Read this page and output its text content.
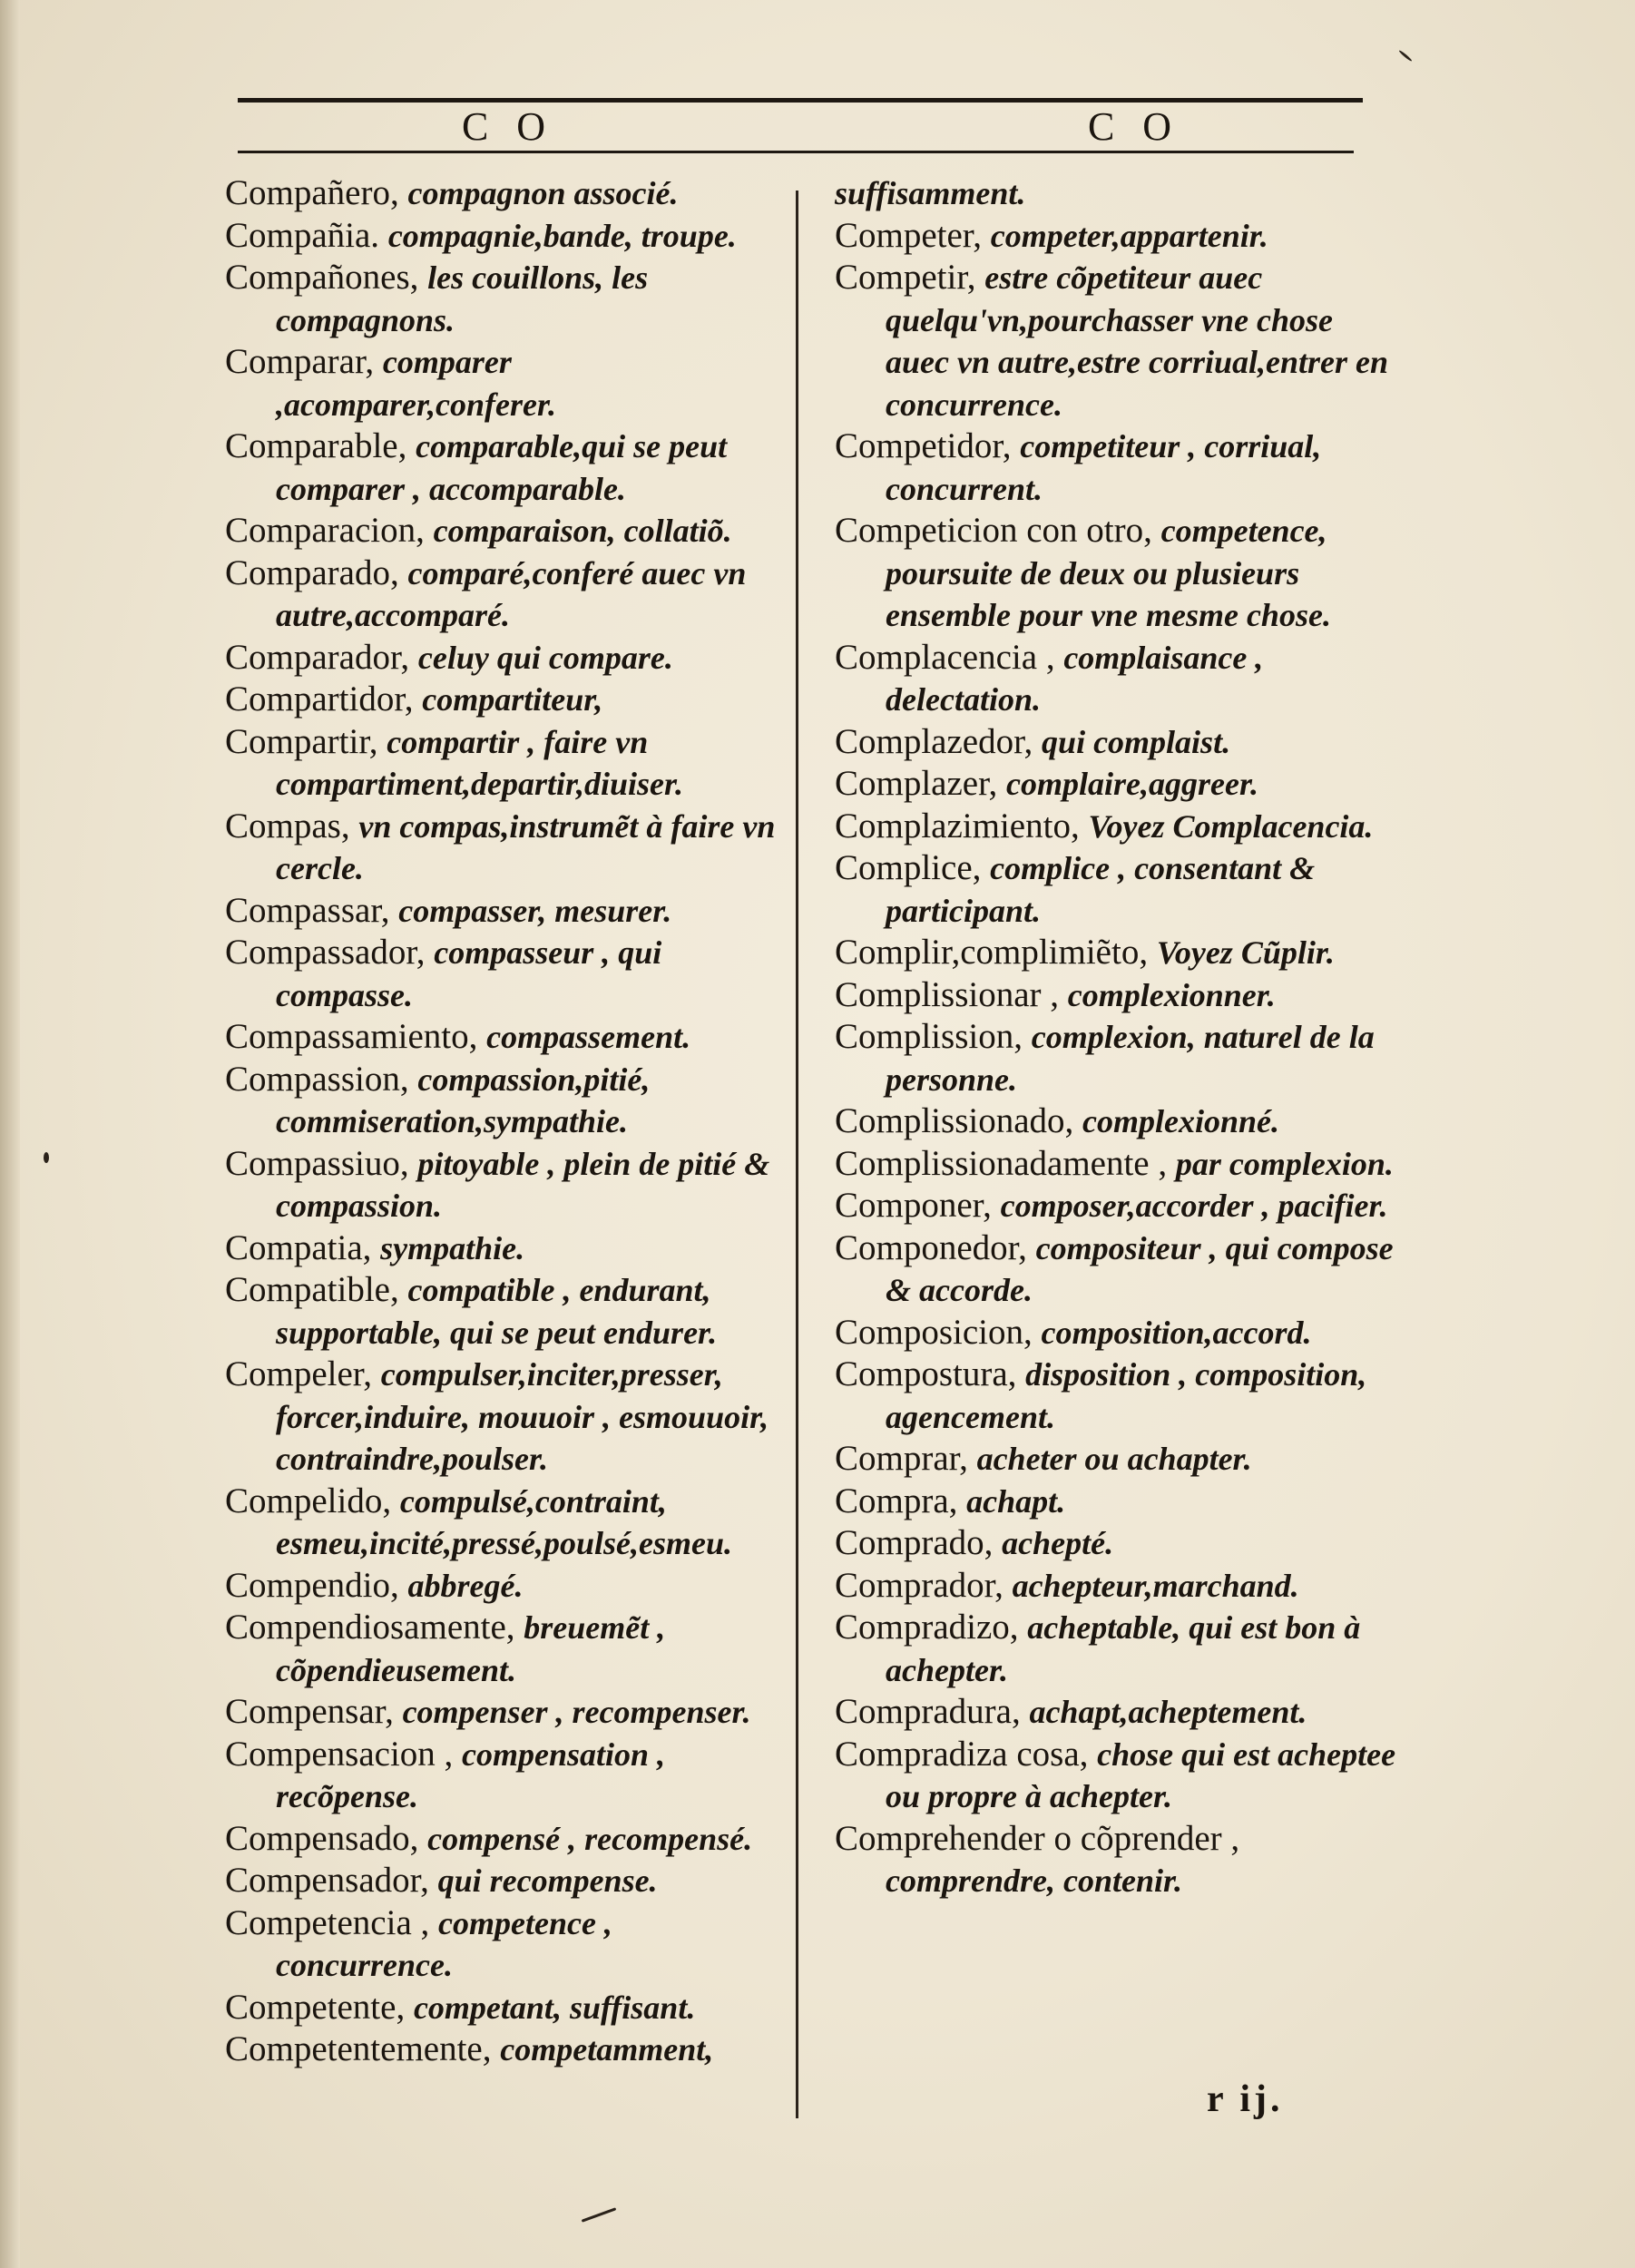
C O	C O

Compañero, compagnon associé.

Compañia. compagnie,bande, troupe.

Compañones, les couillons, les compagnons.

Comparar, comparer ,acomparer,conferer.

Comparable, comparable,qui se peut comparer , accomparable.

Comparacion, comparaison, collatiõ.

Comparado, comparé,conferé auec vn autre,accomparé.

Comparador, celuy qui compare.

Compartidor, compartiteur,

Compartir, compartir , faire vn compartiment,departir,diuiser.

Compas, vn compas,instrumẽt à faire vn cercle.

Compassar, compasser, mesurer.

Compassador, compasseur , qui compasse.

Compassamiento, compassement.

Compassion, compassion,pitié, commiseration,sympathie.

Compassiuo, pitoyable , plein de pitié & compassion.

Compatia, sympathie.

Compatible, compatible , endurant, supportable, qui se peut endurer.

Compeler, compulser,inciter,presser, forcer,induire, mouuoir , esmouuoir, contraindre,poulser.

Compelido, compulsé,contraint, esmeu,incité,pressé,poulsé,esmeu.

Compendio, abbregé.

Compendiosamente, breuemẽt , cõpendieusement.

Compensar, compenser , recompenser.

Compensacion , compensation , recõpense.

Compensado, compensé , recompensé.

Compensador, qui recompense.

Competencia , competence , concurrence.

Competente, competant, suffisant.

Competentemente, competamment,

suffisamment.

Competer, competer,appartenir.

Competir, estre cõpetiteur auec quelqu'vn,pourchasser vne chose auec vn autre,estre corriual,entrer en concurrence.

Competidor, competiteur , corriual, concurrent.

Competicion con otro, competence, poursuite de deux ou plusieurs ensemble pour vne mesme chose.

Complacencia , complaisance , delectation.

Complazedor, qui complaist.

Complazer, complaire,aggreer.

Complazimiento, Voyez Complacencia.

Complice, complice , consentant & participant.

Complir,complimiẽto, Voyez Cũplir.

Complissionar , complexionner.

Complission, complexion, naturel de la personne.

Complissionado, complexionné.

Complissionadamente , par complexion.

Componer, composer,accorder , pacifier.

Componedor, compositeur , qui compose & accorde.

Composicion, composition,accord.

Compostura, disposition , composition, agencement.

Comprar, acheter ou achapter.

Compra, achapt.

Comprado, achepté.

Comprador, achepteur,marchand.

Compradizo, acheptable, qui est bon à achepter.

Compradura, achapt,acheptement.

Compradiza cosa, chose qui est acheptee ou propre à achepter.

Comprehender o cõprender , comprendre, contenir.

r ij.
